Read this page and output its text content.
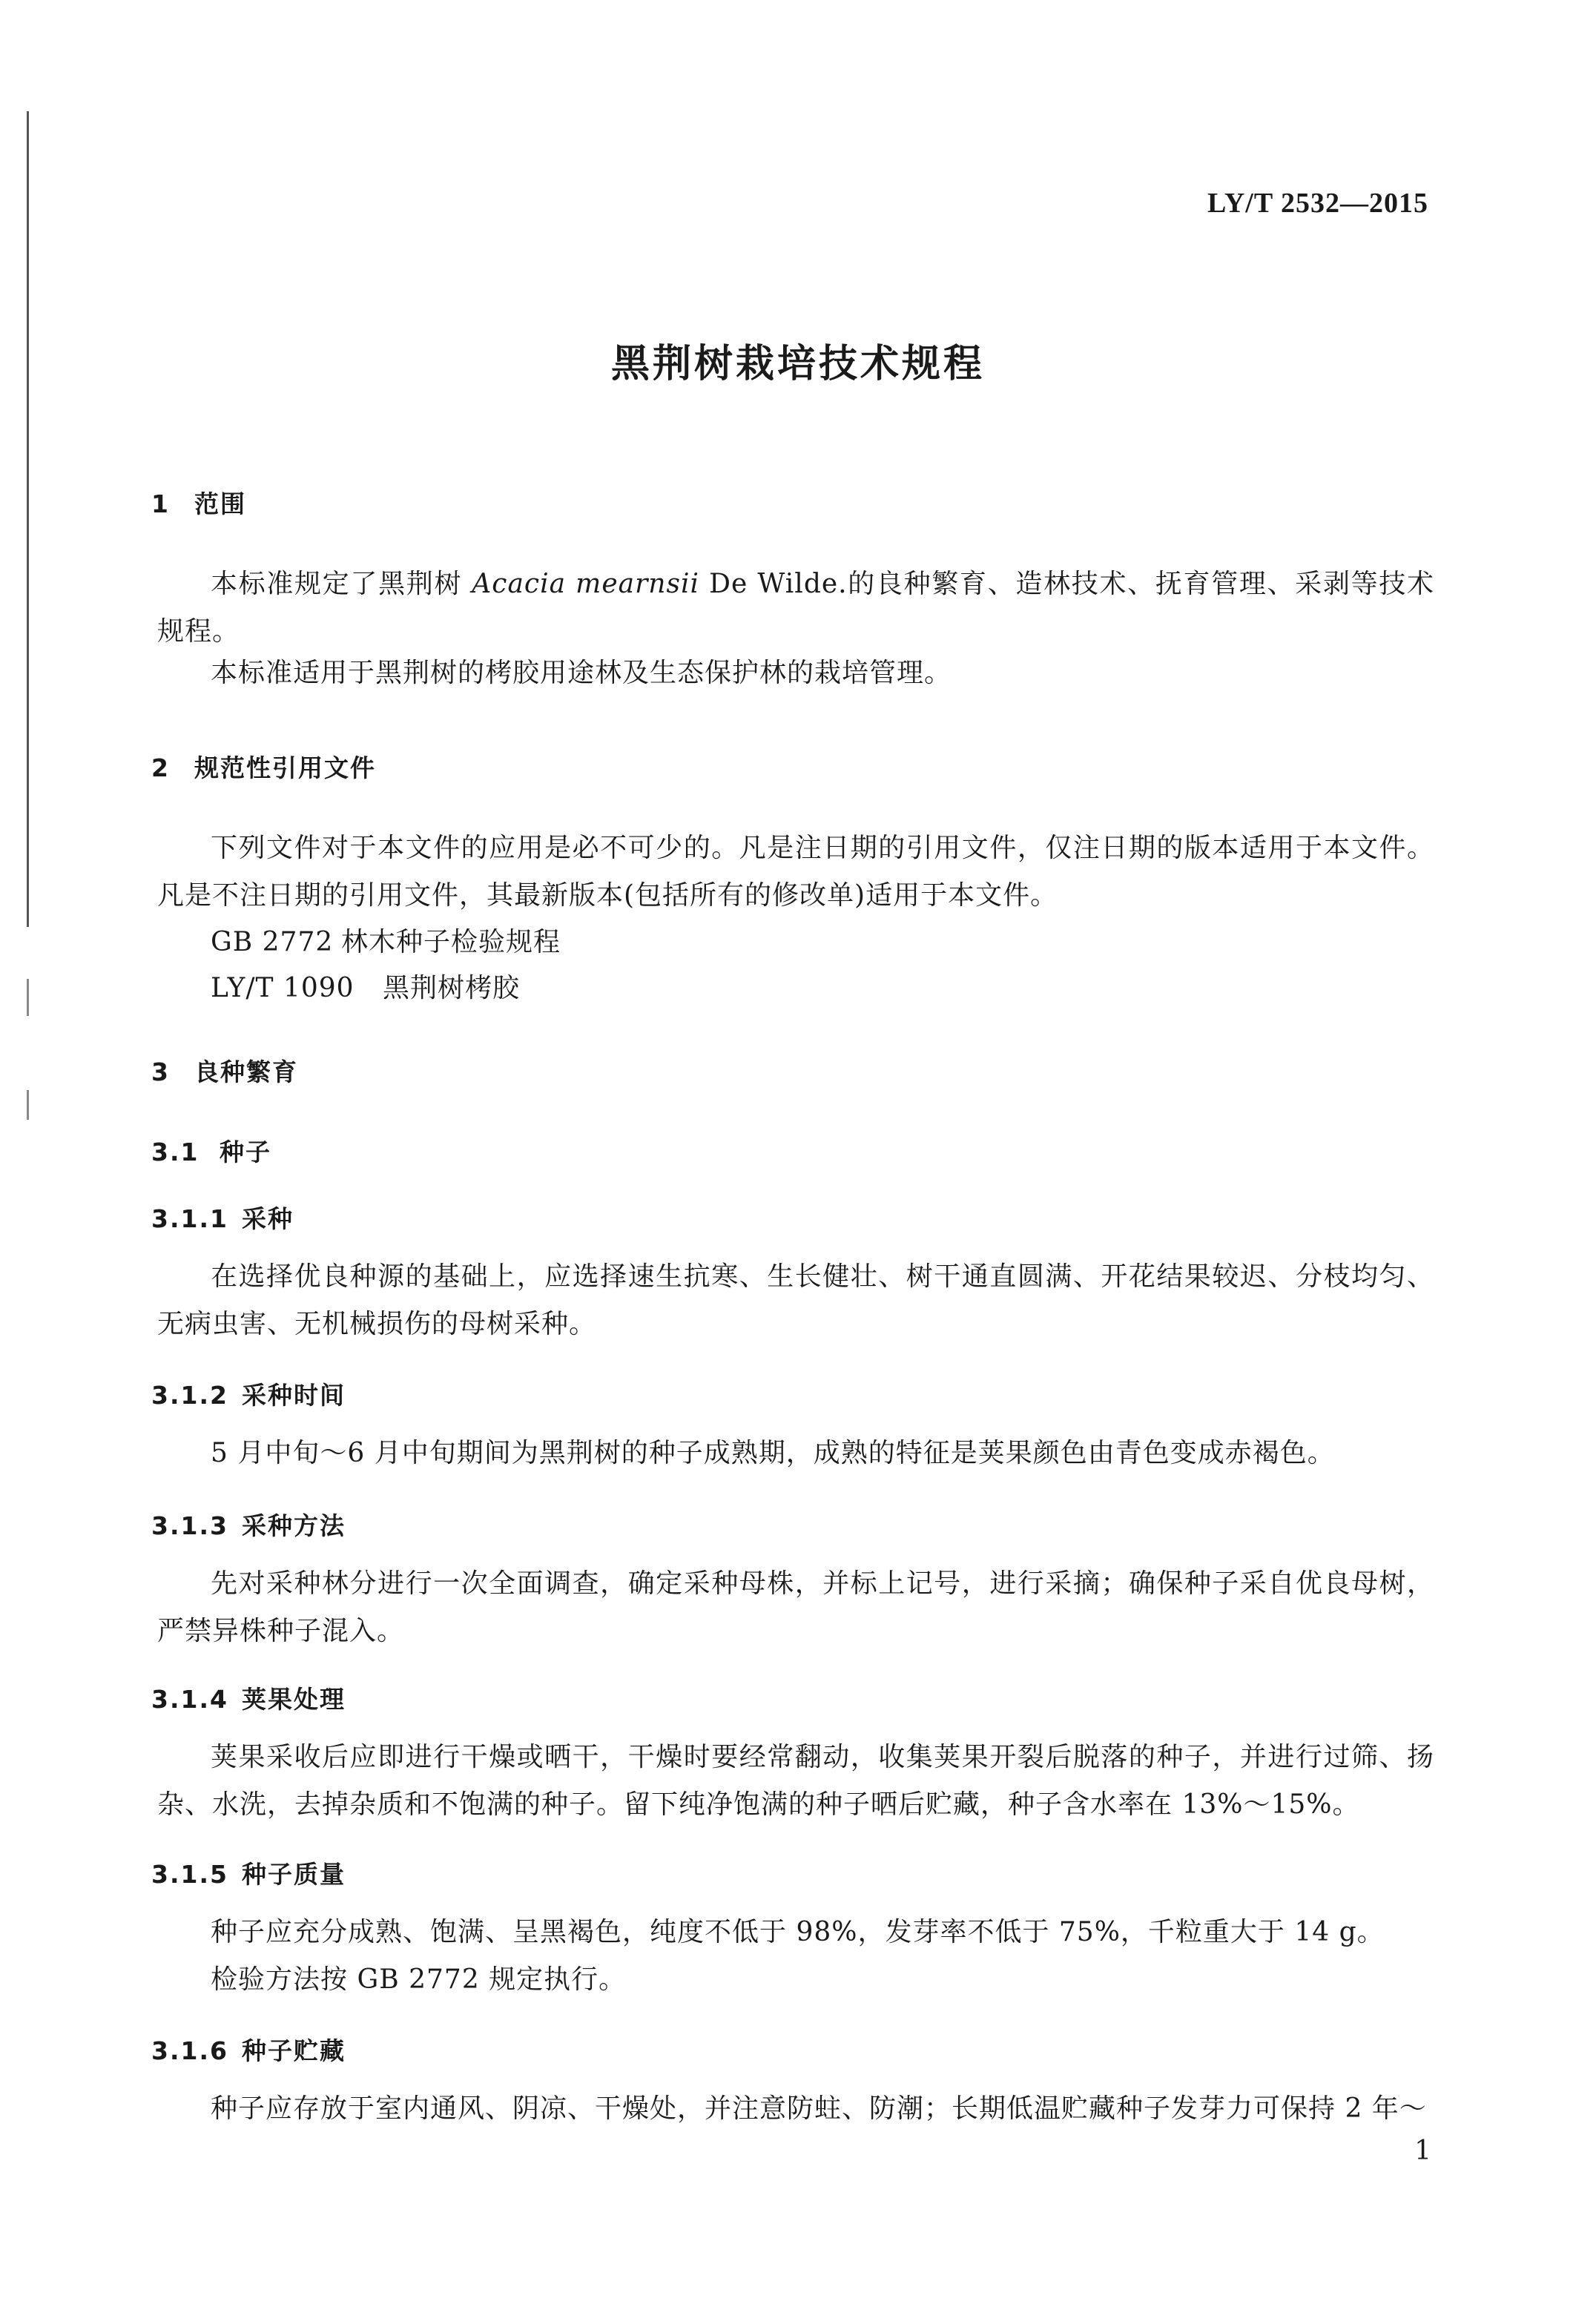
LY/T 2532—2015
黑荆树栽培技术规程
1 范围
本标准规定了黑荆树 Acacia mearnsii De Wilde.的良种繁育、造林技术、抚育管理、采剥等技术规程。
本标准适用于黑荆树的栲胶用途林及生态保护林的栽培管理。
2 规范性引用文件
下列文件对于本文件的应用是必不可少的。凡是注日期的引用文件，仅注日期的版本适用于本文件。凡是不注日期的引用文件，其最新版本(包括所有的修改单)适用于本文件。
GB 2772 林木种子检验规程
LY/T 1090 黑荆树栲胶
3 良种繁育
3.1 种子
3.1.1 采种
在选择优良种源的基础上，应选择速生抗寒、生长健壮、树干通直圆满、开花结果较迟、分枝均匀、无病虫害、无机械损伤的母树采种。
3.1.2 采种时间
5 月中旬～6 月中旬期间为黑荆树的种子成熟期，成熟的特征是荚果颜色由青色变成赤褐色。
3.1.3 采种方法
先对采种林分进行一次全面调查，确定采种母株，并标上记号，进行采摘；确保种子采自优良母树，严禁异株种子混入。
3.1.4 荚果处理
荚果采收后应即进行干燥或晒干，干燥时要经常翻动，收集荚果开裂后脱落的种子，并进行过筛、扬杂、水洗，去掉杂质和不饱满的种子。留下纯净饱满的种子晒后贮藏，种子含水率在 13%～15%。
3.1.5 种子质量
种子应充分成熟、饱满、呈黑褐色，纯度不低于 98%，发芽率不低于 75%，千粒重大于 14 g。
检验方法按 GB 2772 规定执行。
3.1.6 种子贮藏
种子应存放于室内通风、阴凉、干燥处，并注意防蛀、防潮；长期低温贮藏种子发芽力可保持 2 年～
1
